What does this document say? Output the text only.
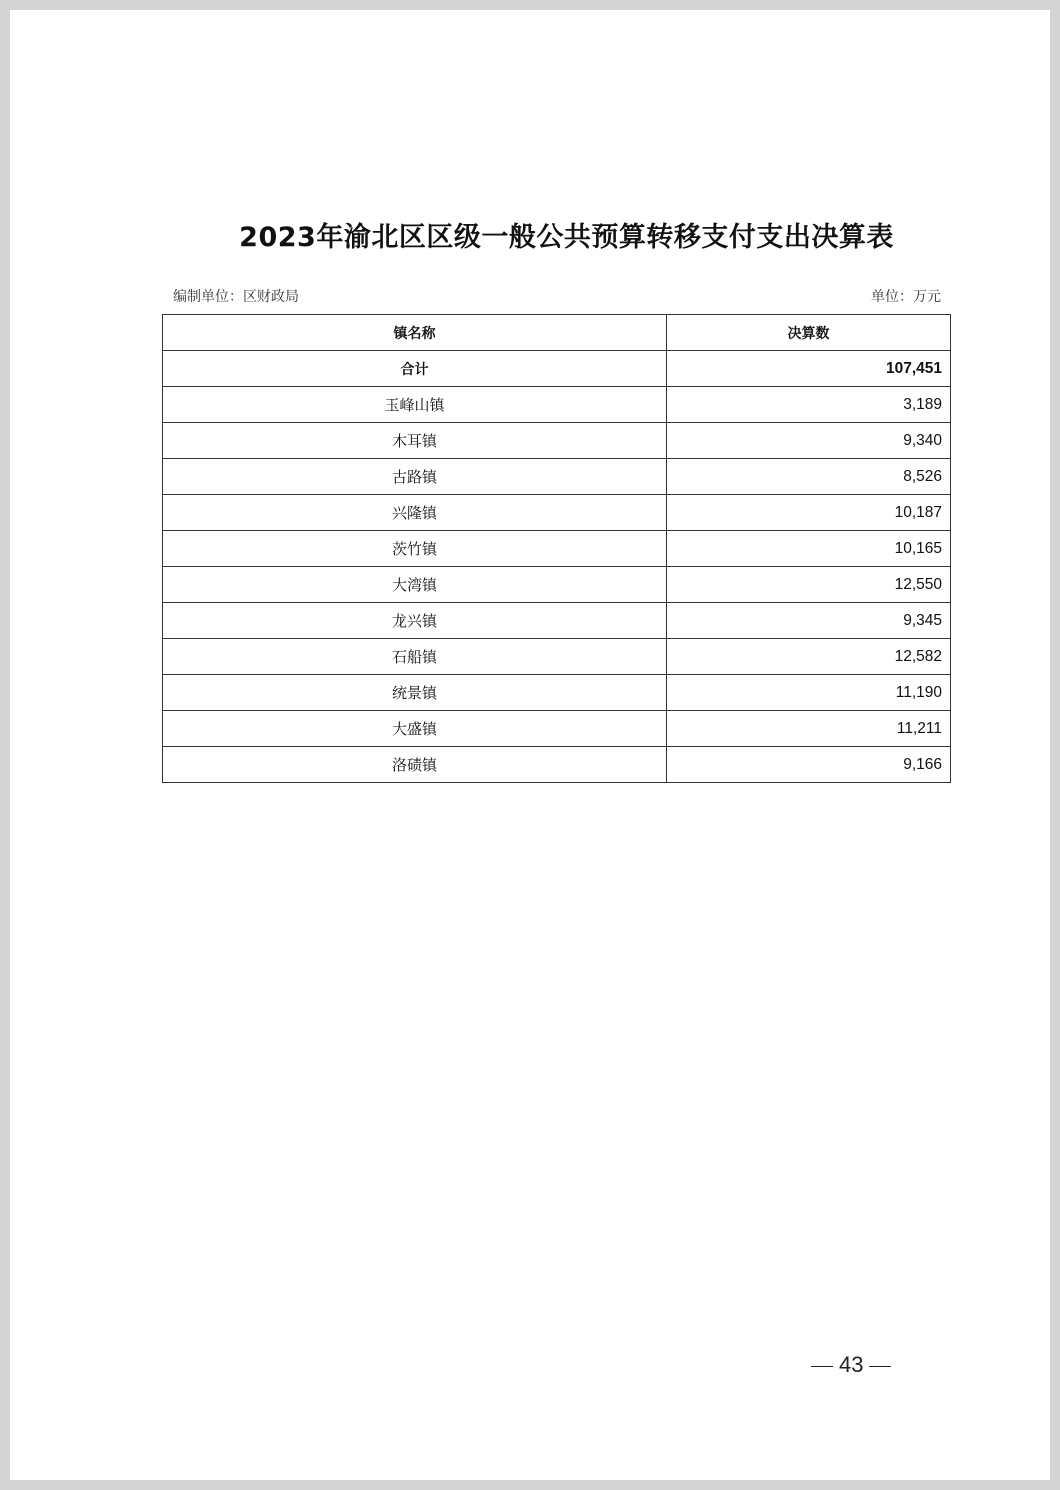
2023年渝北区区级一般公共预算转移支付支出决算表
编制单位：区财政局	单位：万元
镇名称	决算数
合计	107,451
玉峰山镇	3,189
木耳镇	9,340
古路镇	8,526
兴隆镇	10,187
茨竹镇	10,165
大湾镇	12,550
龙兴镇	9,345
石船镇	12,582
统景镇	11,190
大盛镇	11,211
洛碛镇	9,166
43
